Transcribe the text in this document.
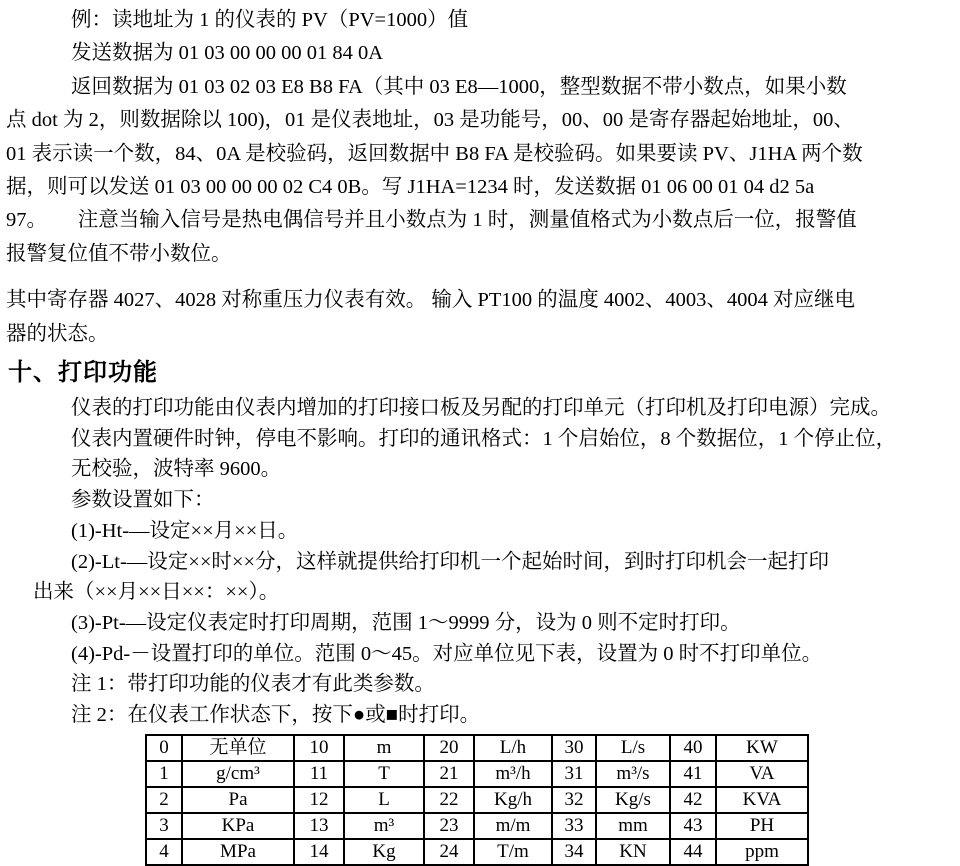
例：读地址为 1 的仪表的 PV（PV=1000）值
发送数据为 01 03 00 00 00 01 84 0A
返回数据为 01 03 02 03 E8 B8 FA（其中 03 E8—1000，整型数据不带小数点，如果小数
点 dot 为 2，则数据除以 100)，01 是仪表地址，03 是功能号，00、00 是寄存器起始地址，00、
01 表示读一个数，84、0A 是校验码，返回数据中 B8 FA 是校验码。如果要读 PV、J1HA 两个数
据，则可以发送 01 03 00 00 00 02 C4 0B。写 J1HA=1234 时，发送数据 01 06 00 01 04 d2 5a
97。　　注意当输入信号是热电偶信号并且小数点为 1 时，测量值格式为小数点后一位，报警值
报警复位值不带小数位。
其中寄存器 4027、4028 对称重压力仪表有效。 输入 PT100 的温度 4002、4003、4004 对应继电
器的状态。
十、打印功能
仪表的打印功能由仪表内增加的打印接口板及另配的打印单元（打印机及打印电源）完成。
仪表内置硬件时钟，停电不影响。打印的通讯格式：1 个启始位，8 个数据位，1 个停止位，
无校验，波特率 9600。
参数设置如下：
(1)-Ht-—设定××月××日。
(2)-Lt-—设定××时××分，这样就提供给打印机一个起始时间，到时打印机会一起打印
出来（××月××日××：××）。
(3)-Pt-—设定仪表定时打印周期，范围 1～9999 分，设为 0 则不定时打印。
(4)-Pd-－设置打印的单位。范围 0～45。对应单位见下表，设置为 0 时不打印单位。
注 1：带打印功能的仪表才有此类参数。
注 2：在仪表工作状态下，按下●或■时打印。
0	无单位	10	m	20	L/h	30	L/s	40	KW
1	g/cm³	11	T	21	m³/h	31	m³/s	41	VA
2	Pa	12	L	22	Kg/h	32	Kg/s	42	KVA
3	KPa	13	m³	23	m/m	33	mm	43	PH
4	MPa	14	Kg	24	T/m	34	KN	44	ppm
